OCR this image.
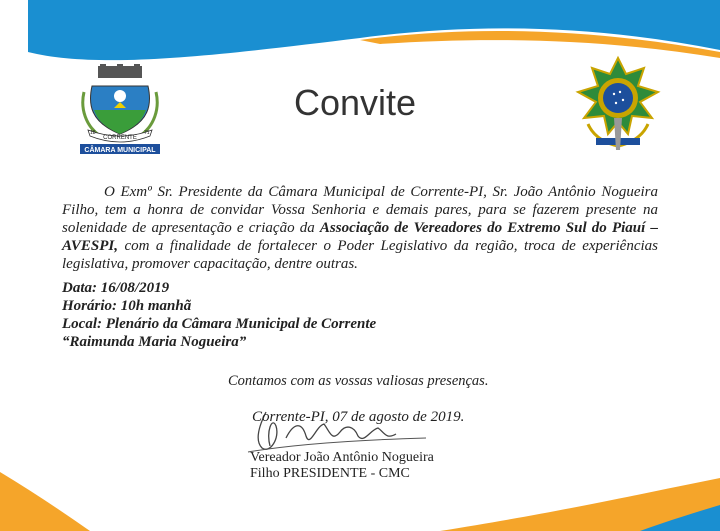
CORRENTE
18	71
CÂMARA MUNICIPAL
Convite

O Exmº Sr. Presidente da Câmara Municipal de Corrente-PI, Sr. João Antônio Nogueira Filho, tem a honra de convidar Vossa Senhoria e demais pares, para se fazerem presente na solenidade de apresentação e criação da Associação de Vereadores do Extremo Sul do Piauí – AVESPI, com a finalidade de fortalecer o Poder Legislativo da região, troca de experiências legislativa, promover capacitação, dentre outras.

Data: 16/08/2019
Horário: 10h manhã
Local: Plenário da Câmara Municipal de Corrente
“Raimunda Maria Nogueira”
Contamos com as vossas valiosas presenças.
Corrente-PI, 07 de agosto de 2019.
Vereador João Antônio Nogueira
Filho PRESIDENTE - CMC
